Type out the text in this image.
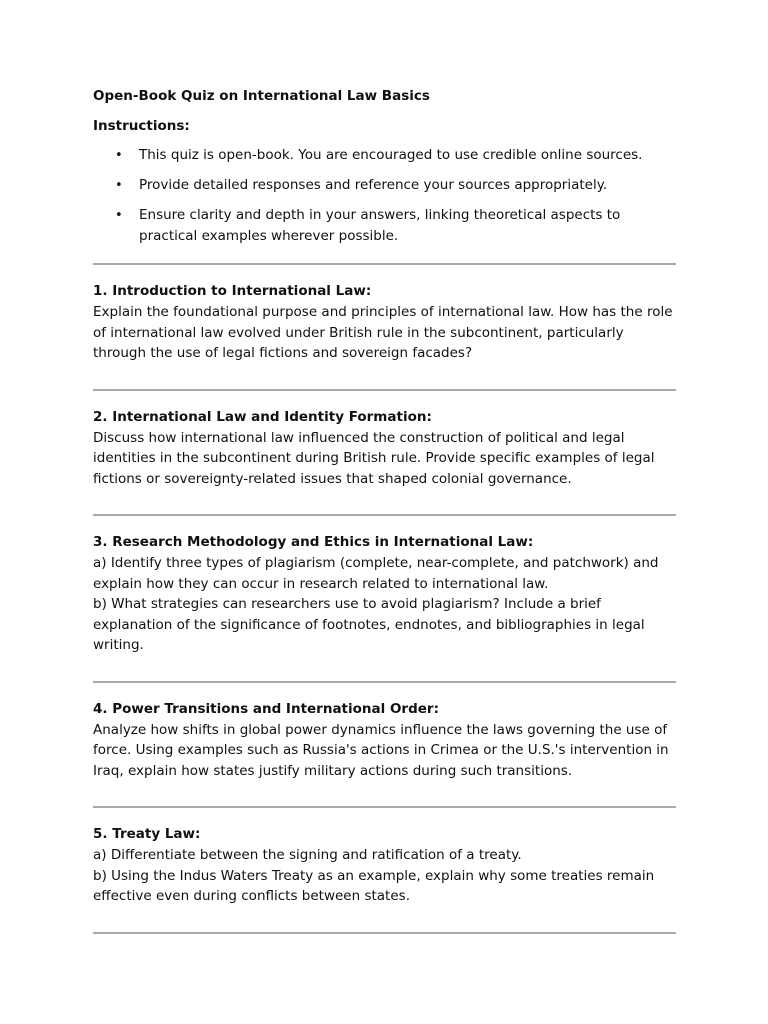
Open-Book Quiz on International Law Basics
Instructions:
• This quiz is open-book. You are encouraged to use credible online sources.
• Provide detailed responses and reference your sources appropriately.
• Ensure clarity and depth in your answers, linking theoretical aspects to practical examples wherever possible.
1. Introduction to International Law:
Explain the foundational purpose and principles of international law. How has the role of international law evolved under British rule in the subcontinent, particularly through the use of legal fictions and sovereign facades?
2. International Law and Identity Formation:
Discuss how international law influenced the construction of political and legal identities in the subcontinent during British rule. Provide specific examples of legal fictions or sovereignty-related issues that shaped colonial governance.
3. Research Methodology and Ethics in International Law:
a) Identify three types of plagiarism (complete, near-complete, and patchwork) and explain how they can occur in research related to international law.
b) What strategies can researchers use to avoid plagiarism? Include a brief explanation of the significance of footnotes, endnotes, and bibliographies in legal writing.
4. Power Transitions and International Order:
Analyze how shifts in global power dynamics influence the laws governing the use of force. Using examples such as Russia's actions in Crimea or the U.S.'s intervention in Iraq, explain how states justify military actions during such transitions.
5. Treaty Law:
a) Differentiate between the signing and ratification of a treaty.
b) Using the Indus Waters Treaty as an example, explain why some treaties remain effective even during conflicts between states.
